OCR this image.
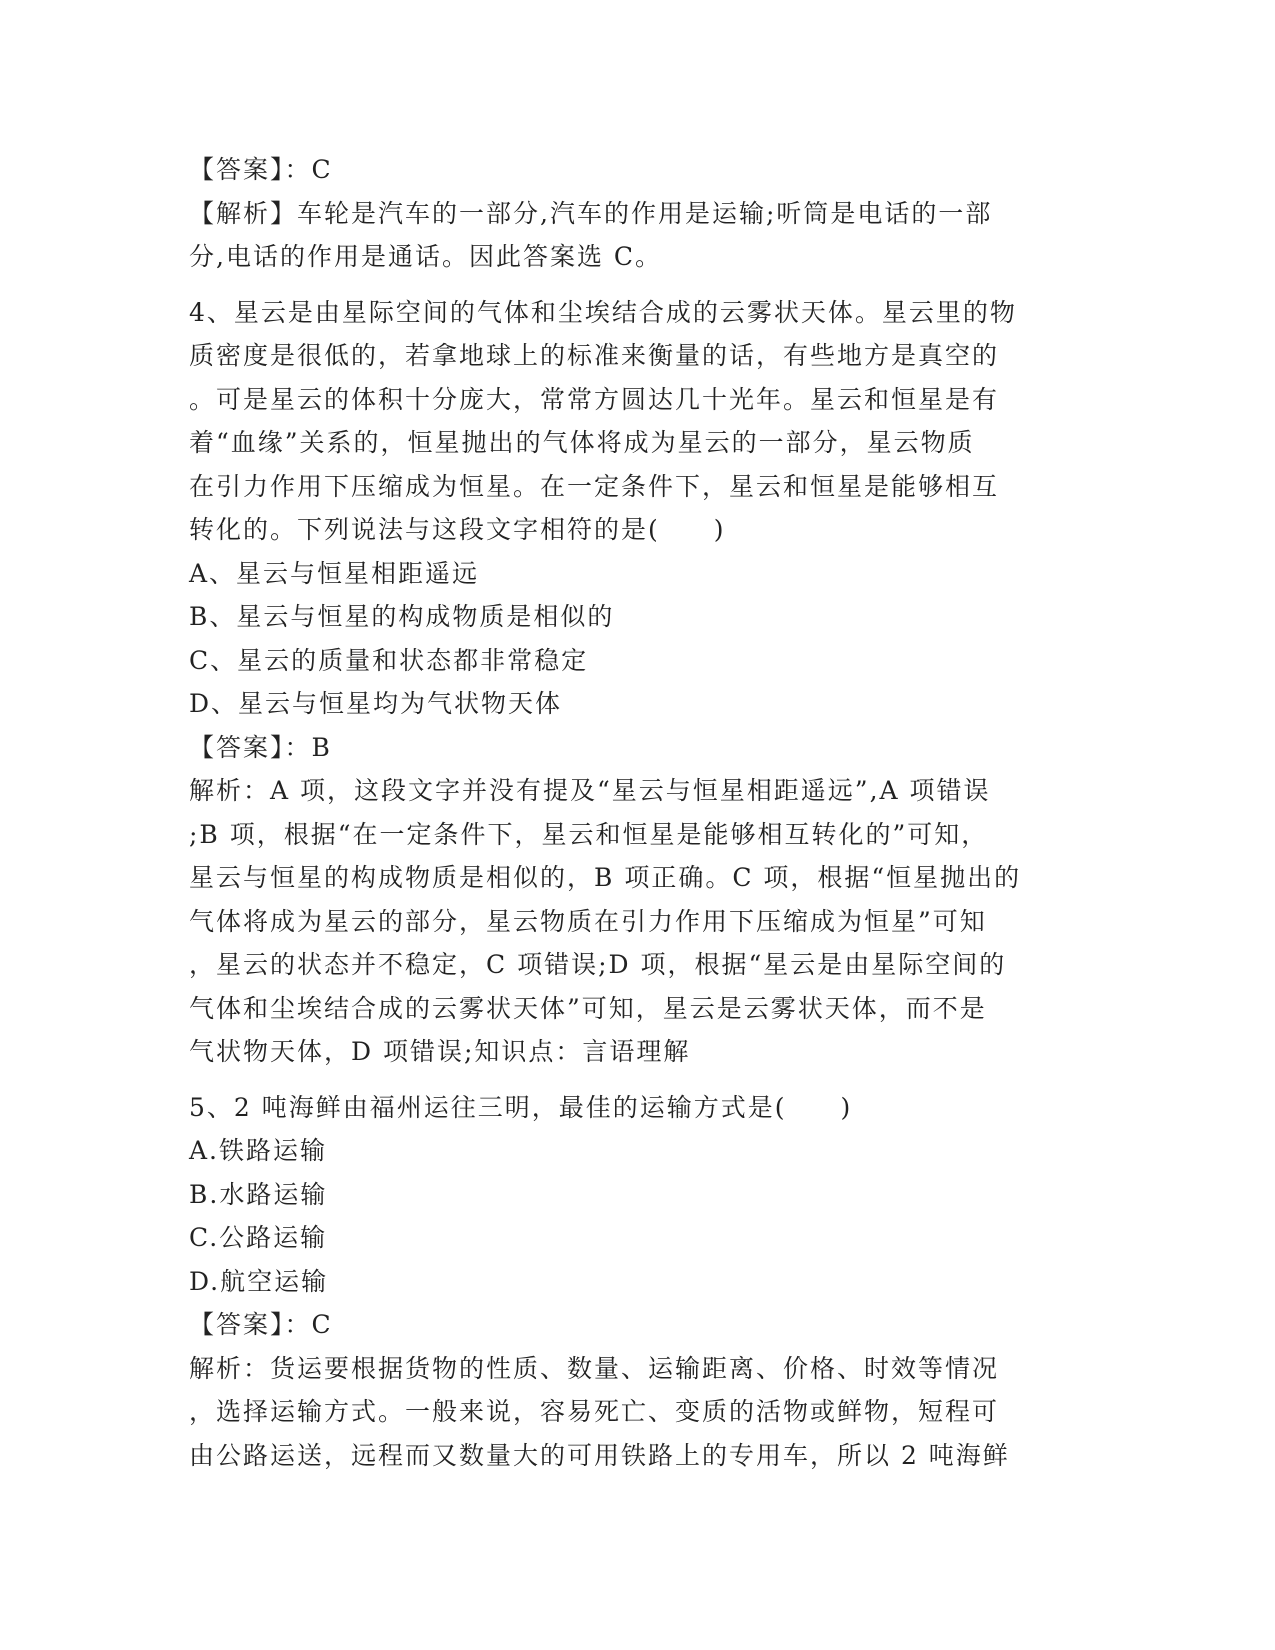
【答案】：C
【解析】车轮是汽车的一部分,汽车的作用是运输;听筒是电话的一部
分,电话的作用是通话。因此答案选 C。
4、星云是由星际空间的气体和尘埃结合成的云雾状天体。星云里的物
质密度是很低的，若拿地球上的标准来衡量的话，有些地方是真空的
。可是星云的体积十分庞大，常常方圆达几十光年。星云和恒星是有
着“血缘”关系的，恒星抛出的气体将成为星云的一部分，星云物质
在引力作用下压缩成为恒星。在一定条件下，星云和恒星是能够相互
转化的。下列说法与这段文字相符的是(　　)
A、星云与恒星相距遥远
B、星云与恒星的构成物质是相似的
C、星云的质量和状态都非常稳定
D、星云与恒星均为气状物天体
【答案】：B
解析：A 项，这段文字并没有提及“星云与恒星相距遥远”,A 项错误
;B 项，根据“在一定条件下，星云和恒星是能够相互转化的”可知，
星云与恒星的构成物质是相似的，B 项正确。C 项，根据“恒星抛出的
气体将成为星云的部分，星云物质在引力作用下压缩成为恒星”可知
，星云的状态并不稳定，C 项错误;D 项，根据“星云是由星际空间的
气体和尘埃结合成的云雾状天体”可知，星云是云雾状天体，而不是
气状物天体，D 项错误;知识点：言语理解
5、2 吨海鲜由福州运往三明，最佳的运输方式是(　　)
A.铁路运输
B.水路运输
C.公路运输
D.航空运输
【答案】：C
解析：货运要根据货物的性质、数量、运输距离、价格、时效等情况
，选择运输方式。一般来说，容易死亡、变质的活物或鲜物，短程可
由公路运送，远程而又数量大的可用铁路上的专用车，所以 2 吨海鲜
